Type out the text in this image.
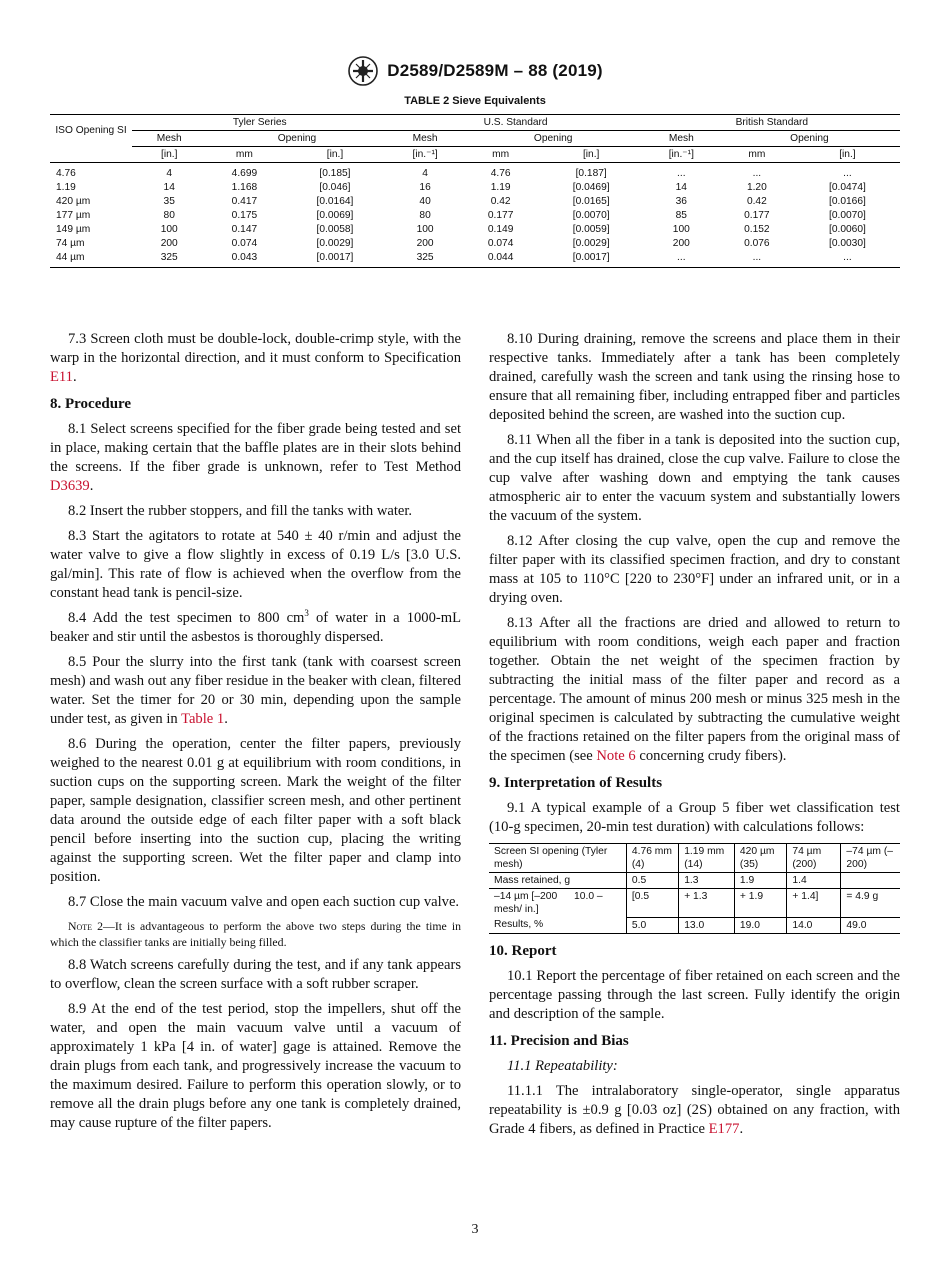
D2589/D2589M – 88 (2019)
TABLE 2 Sieve Equivalents
ISO Opening SI	Tyler Series			U.S. Standard			British Standard		
	Mesh	Opening		Mesh	Opening		Mesh	Opening	
	[in.]	mm	[in.]	[in.⁻¹]	mm	[in.]	[in.⁻¹]	mm	[in.]
4.76	4	4.699	[0.185]	4	4.76	[0.187]	...	...	...
1.19	14	1.168	[0.046]	16	1.19	[0.0469]	14	1.20	[0.0474]
420 µm	35	0.417	[0.0164]	40	0.42	[0.0165]	36	0.42	[0.0166]
177 µm	80	0.175	[0.0069]	80	0.177	[0.0070]	85	0.177	[0.0070]
149 µm	100	0.147	[0.0058]	100	0.149	[0.0059]	100	0.152	[0.0060]
74 µm	200	0.074	[0.0029]	200	0.074	[0.0029]	200	0.076	[0.0030]
44 µm	325	0.043	[0.0017]	325	0.044	[0.0017]	...	...	...

7.3 Screen cloth must be double-lock, double-crimp style, with the warp in the horizontal direction, and it must conform to Specification E11.

8. Procedure

8.1 Select screens specified for the fiber grade being tested and set in place, making certain that the baffle plates are in their slots behind the screens. If the fiber grade is unknown, refer to Test Method D3639.

8.2 Insert the rubber stoppers, and fill the tanks with water.

8.3 Start the agitators to rotate at 540 ± 40 r/min and adjust the water valve to give a flow slightly in excess of 0.19 L/s [3.0 U.S. gal/min]. This rate of flow is achieved when the overflow from the constant head tank is pencil-size.

8.4 Add the test specimen to 800 $cm^3$ of water in a 1000-mL beaker and stir until the asbestos is thoroughly dispersed.

8.5 Pour the slurry into the first tank (tank with coarsest screen mesh) and wash out any fiber residue in the beaker with clean, filtered water. Set the timer for 20 or 30 min, depending upon the sample under test, as given in Table 1.

8.6 During the operation, center the filter papers, previously weighed to the nearest 0.01 g at equilibrium with room conditions, in suction cups on the supporting screen. Mark the weight of the filter paper, sample designation, classifier screen mesh, and other pertinent data around the outside edge of each filter paper with a soft black pencil before inserting into the suction cup, placing the writing against the supporting screen. Wet the filter paper and clamp into position.

8.7 Close the main vacuum valve and open each suction cup valve.

Note 2—It is advantageous to perform the above two steps during the time in which the classifier tanks are initially being filled.

8.8 Watch screens carefully during the test, and if any tank appears to overflow, clean the screen surface with a soft rubber scraper.

8.9 At the end of the test period, stop the impellers, shut off the water, and open the main vacuum valve until a vacuum of approximately 1 kPa [4 in. of water] gage is attained. Remove the drain plugs from each tank, and progressively increase the vacuum to the maximum desired. Failure to perform this operation slowly, or to remove all the drain plugs before any one tank is completely drained, may cause rupture of the filter papers.

8.10 During draining, remove the screens and place them in their respective tanks. Immediately after a tank has been completely drained, carefully wash the screen and tank using the rinsing hose to ensure that all remaining fiber, including entrapped fiber and particles deposited behind the screen, are washed into the suction cup.

8.11 When all the fiber in a tank is deposited into the suction cup, and the cup itself has drained, close the cup valve. Failure to close the cup valve after washing down and emptying the tank causes atmospheric air to enter the vacuum system and substantially lowers the vacuum of the system.

8.12 After closing the cup valve, open the cup and remove the filter paper with its classified specimen fraction, and dry to constant mass at 105 to 110°C [220 to 230°F] under an infrared unit, or in a drying oven.

8.13 After all the fractions are dried and allowed to return to equilibrium with room conditions, weigh each paper and fraction together. Obtain the net weight of the specimen fraction by subtracting the initial mass of the filter paper and record as a percentage. The amount of minus 200 mesh or minus 325 mesh in the original specimen is calculated by subtracting the cumulative weight of the fractions retained on the filter papers from the original mass of the specimen (see Note 6 concerning crudy fibers).

9. Interpretation of Results

9.1 A typical example of a Group 5 fiber wet classification test (10-g specimen, 20-min test duration) with calculations follows:

Screen SI opening (Tyler mesh)		4.76 mm (4)	1.19 mm (14)	420 µm (35)	74 µm (200)	–74 µm (–200)
Mass retained, g		0.5	1.3	1.9	1.4	
–14 µm [–200 mesh/ in.]	10.0 –	[0.5	+ 1.3	+ 1.9	+ 1.4]	= 4.9 g
Results, %		5.0	13.0	19.0	14.0	49.0
10. Report

10.1 Report the percentage of fiber retained on each screen and the percentage passing through the last screen. Fully identify the origin and description of the sample.

11. Precision and Bias

11.1 Repeatability:

11.1.1 The intralaboratory single-operator, single apparatus repeatability is ±0.9 g [0.03 oz] (2S) obtained on any fraction, with Grade 4 fibers, as defined in Practice E177.

3
